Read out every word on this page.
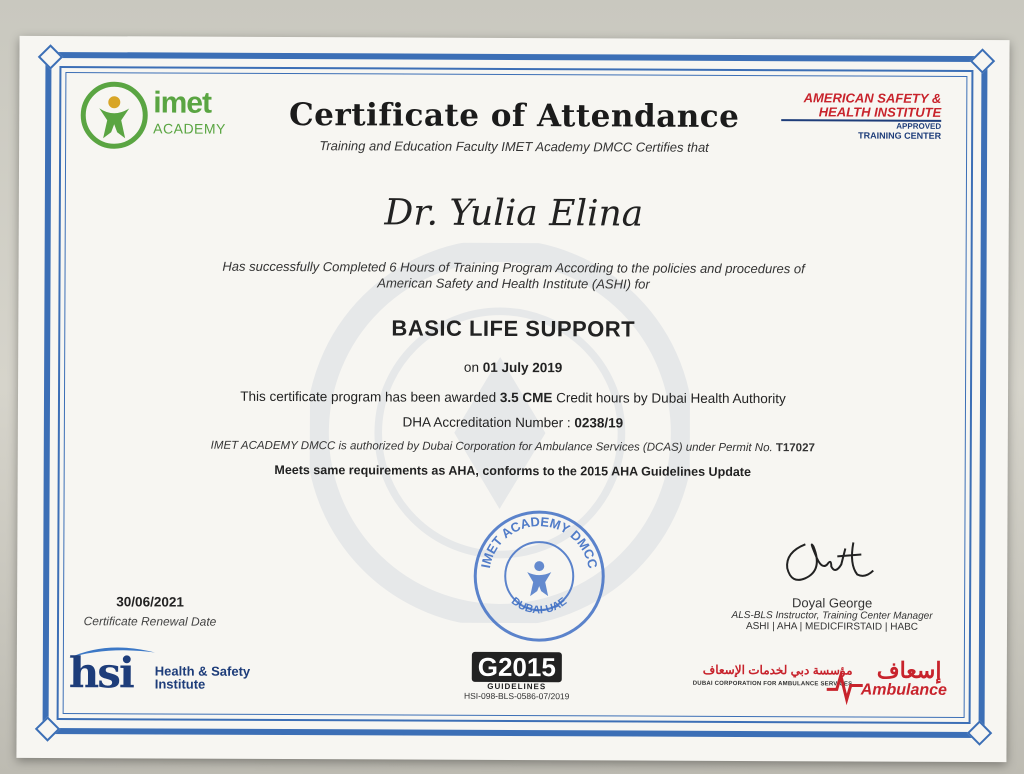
imet
ACADEMY
AMERICAN SAFETY &
HEALTH INSTITUTE
APPROVED
TRAINING CENTER
Certificate of Attendance
Training and Education Faculty IMET Academy DMCC Certifies that
Dr. Yulia Elina
Has successfully Completed 6 Hours of Training Program According to the policies and procedures of
American Safety and Health Institute (ASHI) for
BASIC LIFE SUPPORT
on 01 July 2019
This certificate program has been awarded 3.5 CME Credit hours by Dubai Health Authority
DHA Accreditation Number : 0238/19
IMET ACADEMY DMCC is authorized by Dubai Corporation for Ambulance Services (DCAS) under Permit No. T17027
Meets same requirements as AHA, conforms to the 2015 AHA Guidelines Update
IMET ACADEMY DMCC
DUBAI-UAE
30/06/2021
Certificate Renewal Date
hsi Health & Safety
Institute
G2015
GUIDELINES
HSI-098-BLS-0586-07/2019
Doyal George
ALS-BLS Instructor, Training Center Manager
ASHI | AHA | MEDICFIRSTAID | HABC
مؤسسة دبي لخدمات الإسعاف
DUBAI CORPORATION FOR AMBULANCE SERVICES
إسعاف
Ambulance
